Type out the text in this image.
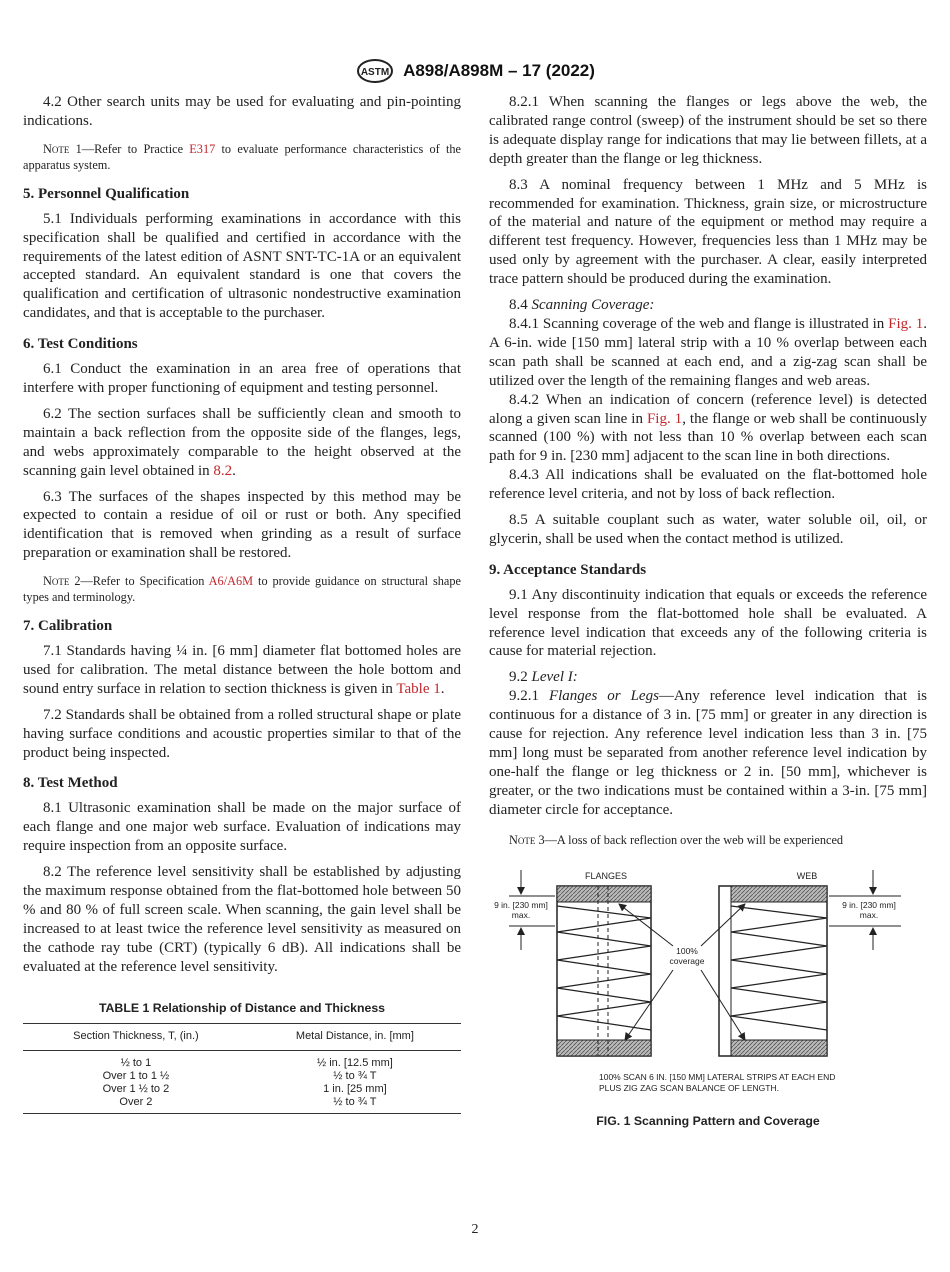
ASTM A898/A898M – 17 (2022)

4.2 Other search units may be used for evaluating and pin-pointing indications.

Note 1—Refer to Practice E317 to evaluate performance characteristics of the apparatus system.
5. Personnel Qualification

5.1 Individuals performing examinations in accordance with this specification shall be qualified and certified in accordance with the requirements of the latest edition of ASNT SNT-TC-1A or an equivalent accepted standard. An equivalent standard is one that covers the qualification and certification of ultrasonic nondestructive examination candidates, and that is acceptable to the purchaser.

6. Test Conditions

6.1 Conduct the examination in an area free of operations that interfere with proper functioning of equipment and testing personnel.

6.2 The section surfaces shall be sufficiently clean and smooth to maintain a back reflection from the opposite side of the flanges, legs, and webs approximately comparable to the height observed at the scanning gain level obtained in 8.2.

6.3 The surfaces of the shapes inspected by this method may be expected to contain a residue of oil or rust or both. Any specified identification that is removed when grinding as a result of surface preparation or examination shall be restored.

Note 2—Refer to Specification A6/A6M to provide guidance on structural shape types and terminology.
7. Calibration

7.1 Standards having ¼ in. [6 mm] diameter flat bottomed holes are used for calibration. The metal distance between the hole bottom and sound entry surface in relation to section thickness is given in Table 1.

7.2 Standards shall be obtained from a rolled structural shape or plate having surface conditions and acoustic properties similar to that of the product being inspected.

8. Test Method

8.1 Ultrasonic examination shall be made on the major surface of each flange and one major web surface. Evaluation of indications may require inspection from an opposite surface.

8.2 The reference level sensitivity shall be established by adjusting the maximum response obtained from the flat-bottomed hole between 50 % and 80 % of full screen scale. When scanning, the gain level shall be increased to at least twice the reference level sensitivity as measured on the cathode ray tube (CRT) (typically 6 dB). All indications shall be evaluated at the reference level sensitivity.

TABLE 1 Relationship of Distance and Thickness
Section Thickness, T, (in.)	Metal Distance, in. [mm]
½ to 1	½ in. [12.5 mm]
Over 1 to 1 ½	½ to ¾ T
Over 1 ½ to 2	1 in. [25 mm]
Over 2	½ to ¾ T

8.2.1 When scanning the flanges or legs above the web, the calibrated range control (sweep) of the instrument should be set so there is adequate display range for indications that may lie between fillets, at a depth greater than the flange or leg thickness.

8.3 A nominal frequency between 1 MHz and 5 MHz is recommended for examination. Thickness, grain size, or microstructure of the material and nature of the equipment or method may require a different test frequency. However, frequencies less than 1 MHz may be used only by agreement with the purchaser. A clear, easily interpreted trace pattern should be produced during the examination.

8.4 Scanning Coverage:

8.4.1 Scanning coverage of the web and flange is illustrated in Fig. 1. A 6-in. wide [150 mm] lateral strip with a 10 % overlap between each scan path shall be scanned at each end, and a zig-zag scan shall be utilized over the length of the remaining flanges and web areas.

8.4.2 When an indication of concern (reference level) is detected along a given scan line in Fig. 1, the flange or web shall be continuously scanned (100 %) with not less than 10 % overlap between each scan path for 9 in. [230 mm] adjacent to the scan line in both directions.

8.4.3 All indications shall be evaluated on the flat-bottomed hole reference level criteria, and not by loss of back reflection.

8.5 A suitable couplant such as water, water soluble oil, oil, or glycerin, shall be used when the contact method is utilized.

9. Acceptance Standards

9.1 Any discontinuity indication that equals or exceeds the reference level response from the flat-bottomed hole shall be evaluated. A reference level indication that exceeds any of the following criteria is cause for material rejection.

9.2 Level I:

9.2.1 Flanges or Legs—Any reference level indication that is continuous for a distance of 3 in. [75 mm] or greater in any direction is cause for rejection. Any reference level indication less than 3 in. [75 mm] long must be separated from another reference level indication by one-half the flange or leg thickness or 2 in. [50 mm], whichever is greater, or the two indications must be contained within a 3-in. [75 mm] diameter circle for acceptance.

Note 3—A loss of back reflection over the web will be experienced
FLANGES	WEB
9 in. [230 mm]
max.
9 in. [230 mm]
max.
100%
coverage
100% SCAN 6 IN. [150 MM] LATERAL STRIPS AT EACH END
PLUS ZIG ZAG SCAN BALANCE OF LENGTH.
FIG. 1 Scanning Pattern and Coverage
2
